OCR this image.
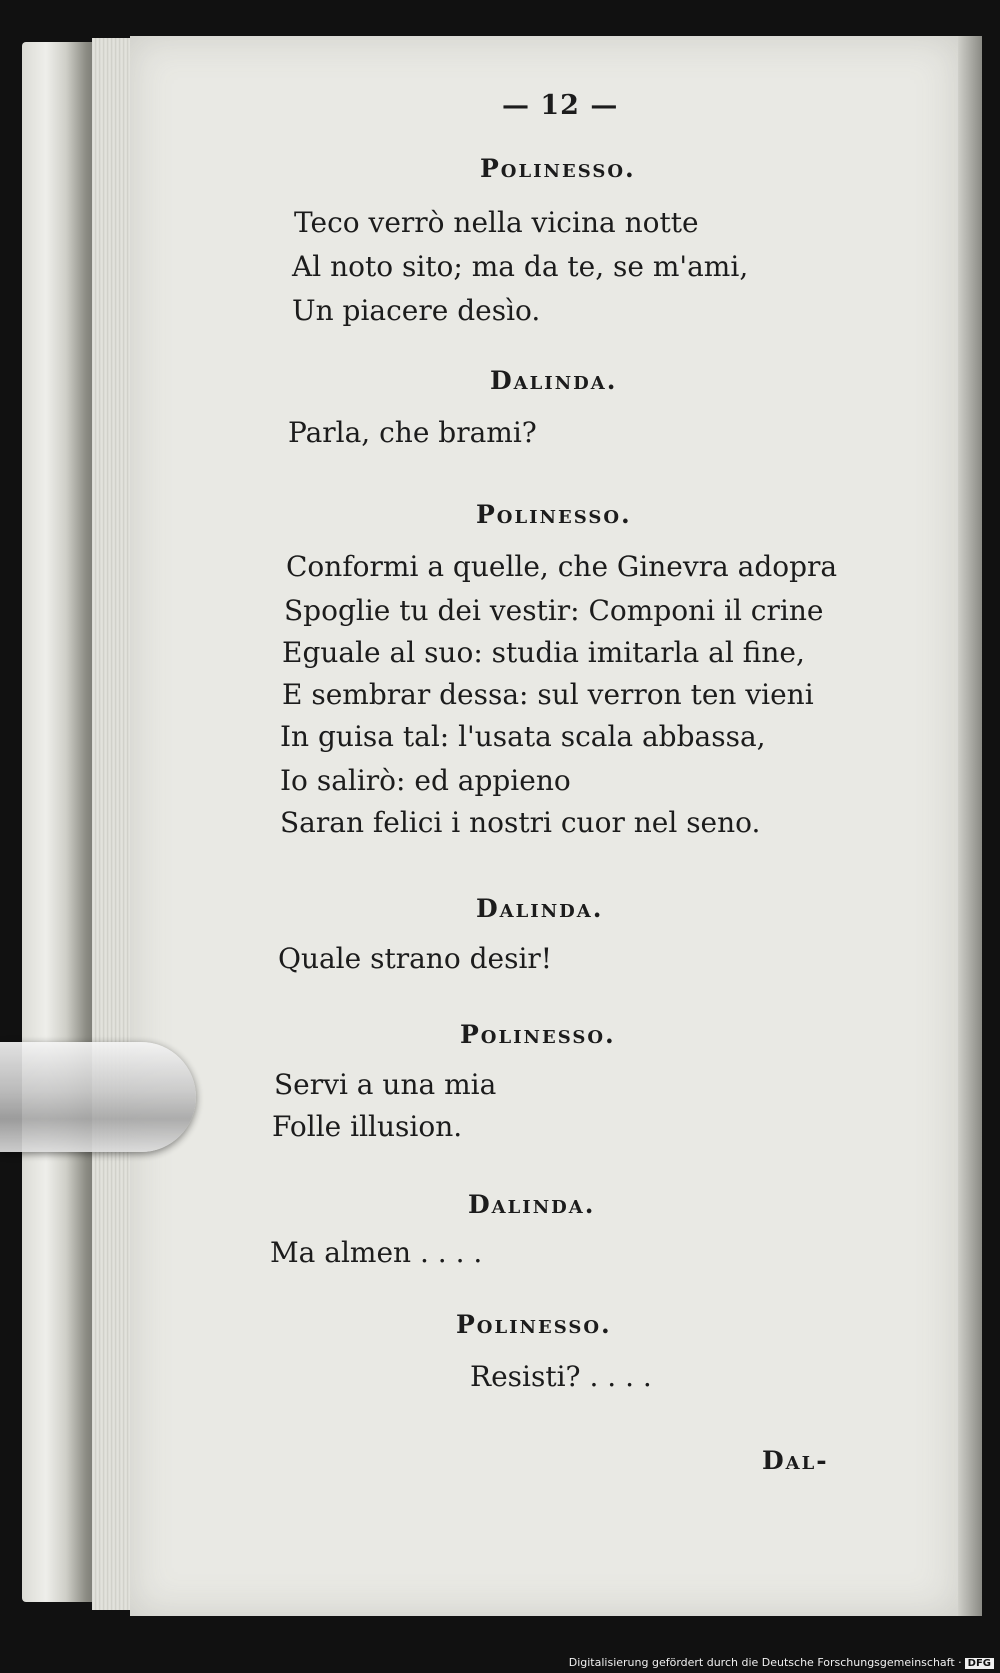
— 12 —
Polinesso.
Teco verrò nella vicina notte
Al noto sito; ma da te, se m'ami,
Un piacere desìo.
Dalinda.
Parla, che brami?
Polinesso.
Conformi a quelle, che Ginevra adopra
Spoglie tu dei vestir: Componi il crine
Eguale al suo: studia imitarla al fine,
E sembrar dessa: sul verron ten vieni
In guisa tal: l'usata scala abbassa,
Io salirò: ed appieno
Saran felici i nostri cuor nel seno.
Dalinda.
Quale strano desir!
Polinesso.
Servi a una mia
Folle illusion.
Dalinda.
Ma almen . . . .
Polinesso.
Resisti? . . . .
Dal-
Digitalisierung gefördert durch die Deutsche Forschungsgemeinschaft · DFG
